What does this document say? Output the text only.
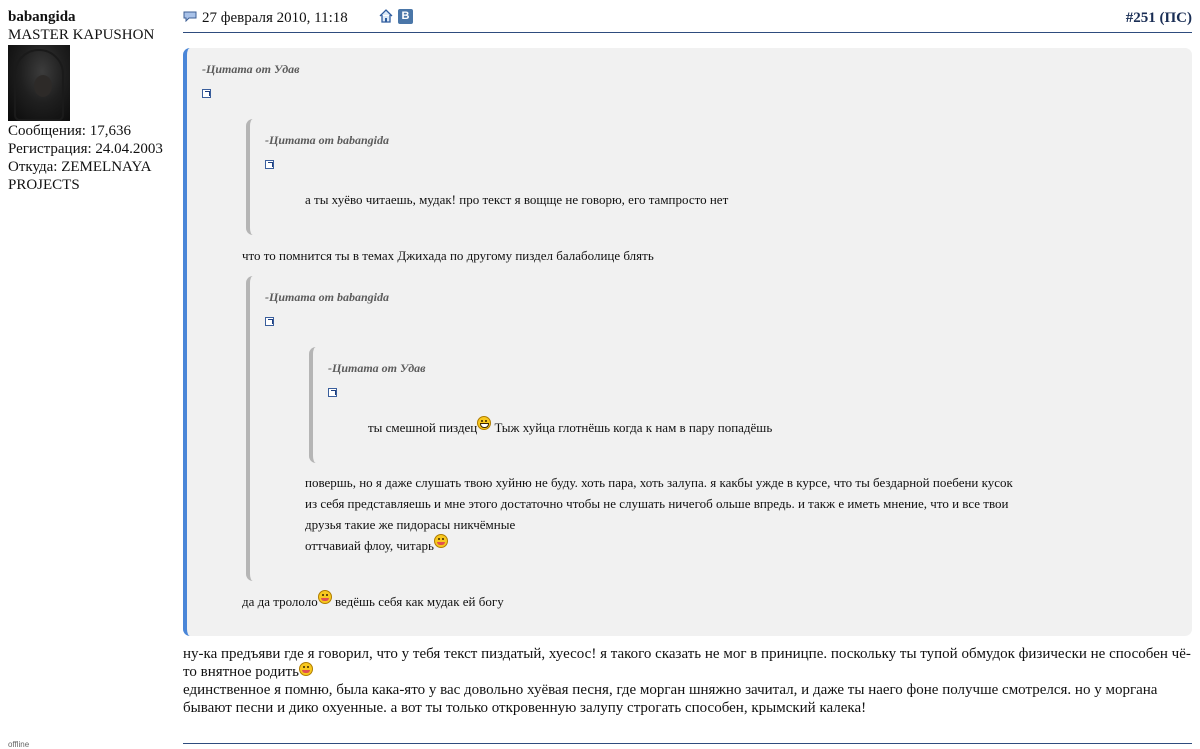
babangida
MASTER KAPUSHON
Сообщения: 17,636
Регистрация: 24.04.2003
Откуда: ZEMELNAYA PROJECTS
offline
27 февраля 2010, 11:18	В	#251 (ПС)
-Цитата от Удав
-Цитата от babangida
а ты хуёво читаешь, мудак! про текст я вощще не говорю, его тампросто нет
что то помнится ты в темах Джихада по другому пиздел балаболице блять
-Цитата от babangida
-Цитата от Удав
ты смешной пиздец Тыж хуйца глотнёшь когда к нам в пару попадёшь
повершь, но я даже слушать твою хуйню не буду. хоть пара, хоть залупа. я какбы ужде в курсе, что ты бездарной поебени кусок
из себя представляешь и мне этого достаточно чтобы не слушать ничегоб ольше впредь. и такж е иметь мнение, что и все твои
друзья такие же пидорасы никчёмные
оттчавиай флоу, читарь
да да трололо ведёшь себя как мудак ей богу

ну-ка предъяви где я говорил, что у тебя текст пиздатый, хуесос! я такого сказать не мог в приницпе. поскольку ты тупой обмудок физически не способен чё-то внятное родить

единственное я помню, была кака-ято у вас довольно хуёвая песня, где морган шняжно зачитал, и даже ты наего фоне получше смотрелся. но у моргана бывают песни и дико охуенные. а вот ты только откровенную залупу строгать способен, крымский калека!
